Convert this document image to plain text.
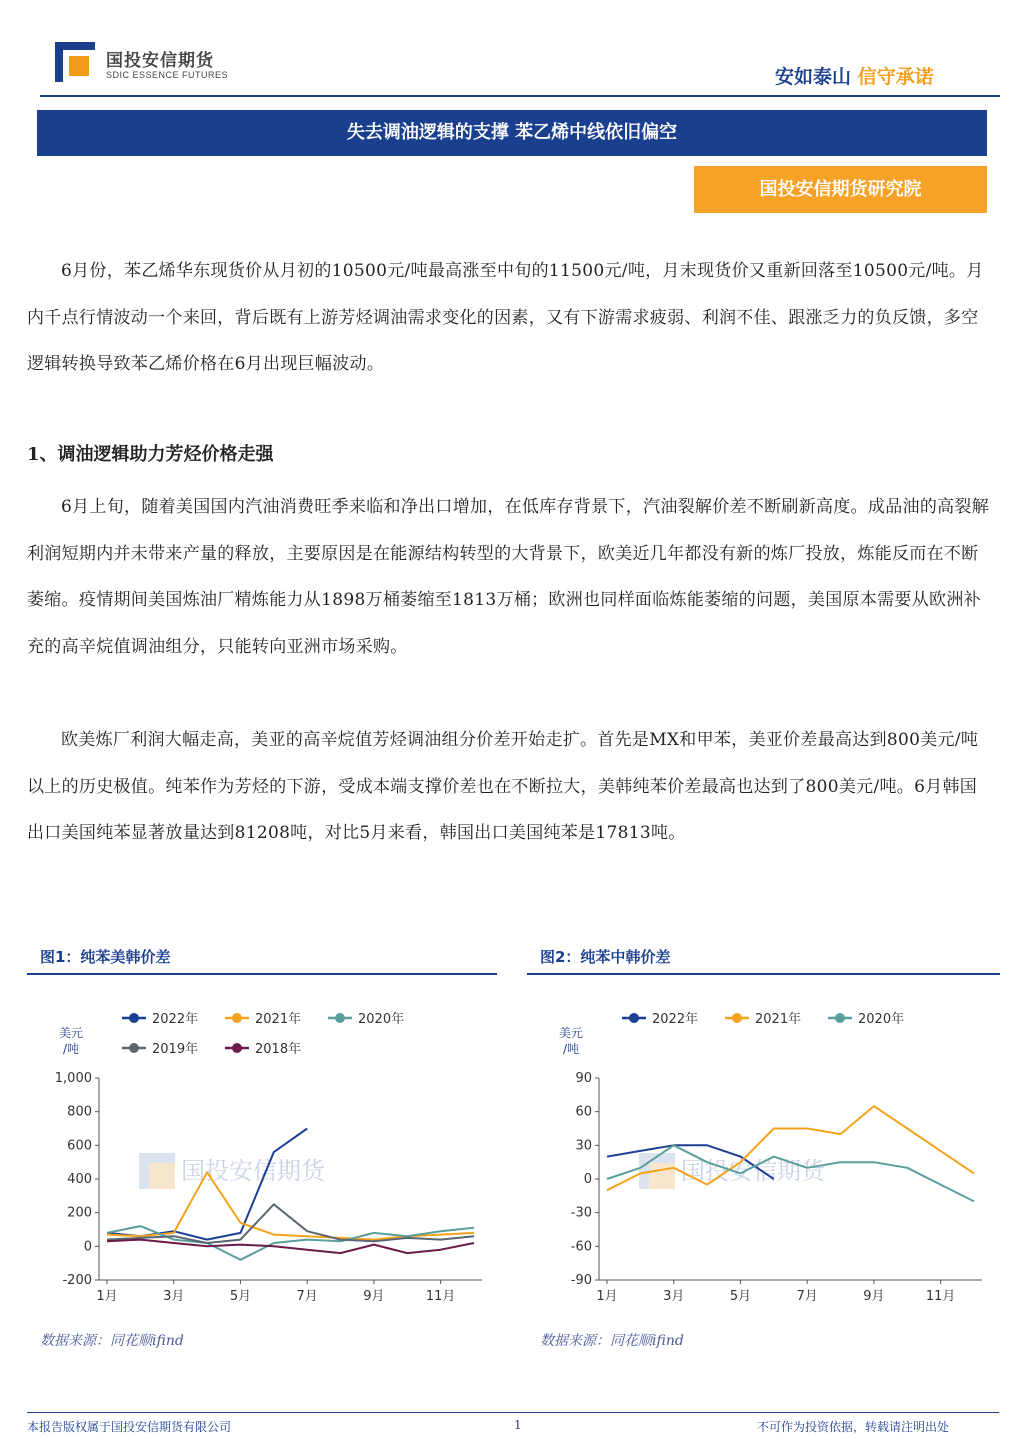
国投安信期货
SDIC ESSENCE FUTURES	安如泰山 信守承诺
失去调油逻辑的支撑 苯乙烯中线依旧偏空
国投安信期货研究院

6月份，苯乙烯华东现货价从月初的10500元/吨最高涨至中旬的11500元/吨，月末现货价又重新回落至10500元/吨。月内千点行情波动一个来回，背后既有上游芳烃调油需求变化的因素，又有下游需求疲弱、利润不佳、跟涨乏力的负反馈，多空逻辑转换导致苯乙烯价格在6月出现巨幅波动。

1、调油逻辑助力芳烃价格走强

6月上旬，随着美国国内汽油消费旺季来临和净出口增加，在低库存背景下，汽油裂解价差不断刷新高度。成品油的高裂解利润短期内并未带来产量的释放，主要原因是在能源结构转型的大背景下，欧美近几年都没有新的炼厂投放，炼能反而在不断萎缩。疫情期间美国炼油厂精炼能力从1898万桶萎缩至1813万桶；欧洲也同样面临炼能萎缩的问题，美国原本需要从欧洲补充的高辛烷值调油组分，只能转向亚洲市场采购。

欧美炼厂利润大幅走高，美亚的高辛烷值芳烃调油组分价差开始走扩。首先是MX和甲苯，美亚价差最高达到800美元/吨以上的历史极值。纯苯作为芳烃的下游，受成本端支撑价差也在不断拉大，美韩纯苯价差最高也达到了800美元/吨。6月韩国出口美国纯苯显著放量达到81208吨，对比5月来看，韩国出口美国纯苯是17813吨。

图1：纯苯美韩价差
国投安信期货
美元
/吨
1,000
800
600
400
200
0
-200
1月	3月	5月	7月	9月	11月
2022年	2021年	2020年
2019年	2018年
数据来源：同花顺ifind
图2：纯苯中韩价差
国投安信期货
美元
/吨
90
60
30
0
-30
-60
-90
1月	3月	5月	7月	9月	11月
2022年	2021年	2020年
数据来源：同花顺ifind
本报告版权属于国投安信期货有限公司	1	不可作为投资依据，转载请注明出处
